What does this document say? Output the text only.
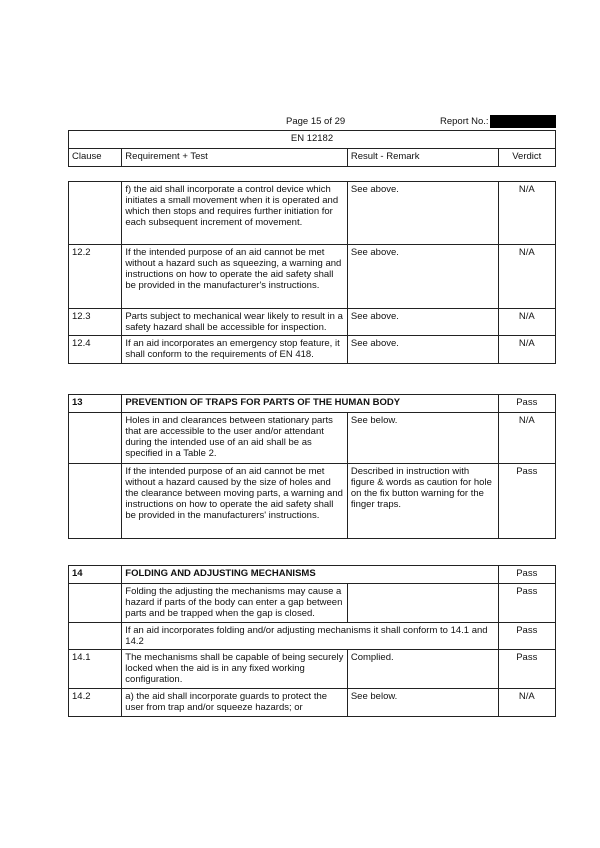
Page 15 of 29	Report No.:
EN 12182
Clause	Requirement + Test	Result - Remark	Verdict
	f) the aid shall incorporate a control device which initiates a small movement when it is operated and which then stops and requires further initiation for each subsequent increment of movement.	See above.	N/A
12.2	If the intended purpose of an aid cannot be met without a hazard such as squeezing, a warning and instructions on how to operate the aid safety shall be provided in the manufacturer's instructions.	See above.	N/A
12.3	Parts subject to mechanical wear likely to result in a safety hazard shall be accessible for inspection.	See above.	N/A
12.4	If an aid incorporates an emergency stop feature, it shall conform to the requirements of EN 418.	See above.	N/A
13	PREVENTION OF TRAPS FOR PARTS OF THE HUMAN BODY		Pass
	Holes in and clearances between stationary parts that are accessible to the user and/or attendant during the intended use of an aid shall be as specified in a Table 2.	See below.	N/A
	If the intended purpose of an aid cannot be met without a hazard caused by the size of holes and the clearance between moving parts, a warning and instructions on how to operate the aid safety shall be provided in the manufacturers' instructions.	Described in instruction with figure & words as caution for hole on the fix button warning for the finger traps.	Pass
14	FOLDING AND ADJUSTING MECHANISMS		Pass
	Folding the adjusting the mechanisms may cause a hazard if parts of the body can enter a gap between parts and be trapped when the gap is closed.		Pass
	If an aid incorporates folding and/or adjusting mechanisms it shall conform to 14.1 and 14.2		Pass
14.1	The mechanisms shall be capable of being securely locked when the aid is in any fixed working configuration.	Complied.	Pass
14.2	a) the aid shall incorporate guards to protect the user from trap and/or squeeze hazards; or	See below.	N/A
